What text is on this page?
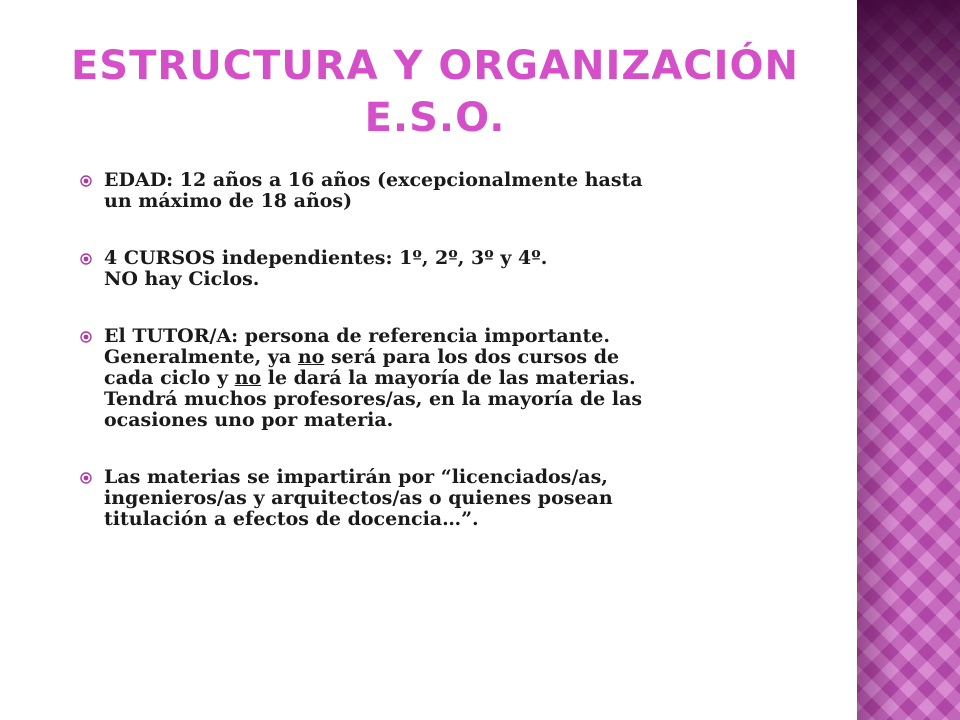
ESTRUCTURA Y ORGANIZACIÓN
E.S.O.
EDAD: 12 años a 16 años (excepcionalmente hasta
un máximo de 18 años)
4 CURSOS independientes: 1º, 2º, 3º y 4º.
NO hay Ciclos.
El TUTOR/A: persona de referencia importante.
Generalmente, ya no será para los dos cursos de
cada ciclo y no le dará la mayoría de las materias.
Tendrá muchos profesores/as, en la mayoría de las
ocasiones uno por materia.
Las materias se impartirán por “licenciados/as,
ingenieros/as y arquitectos/as o quienes posean
titulación a efectos de docencia…”.
